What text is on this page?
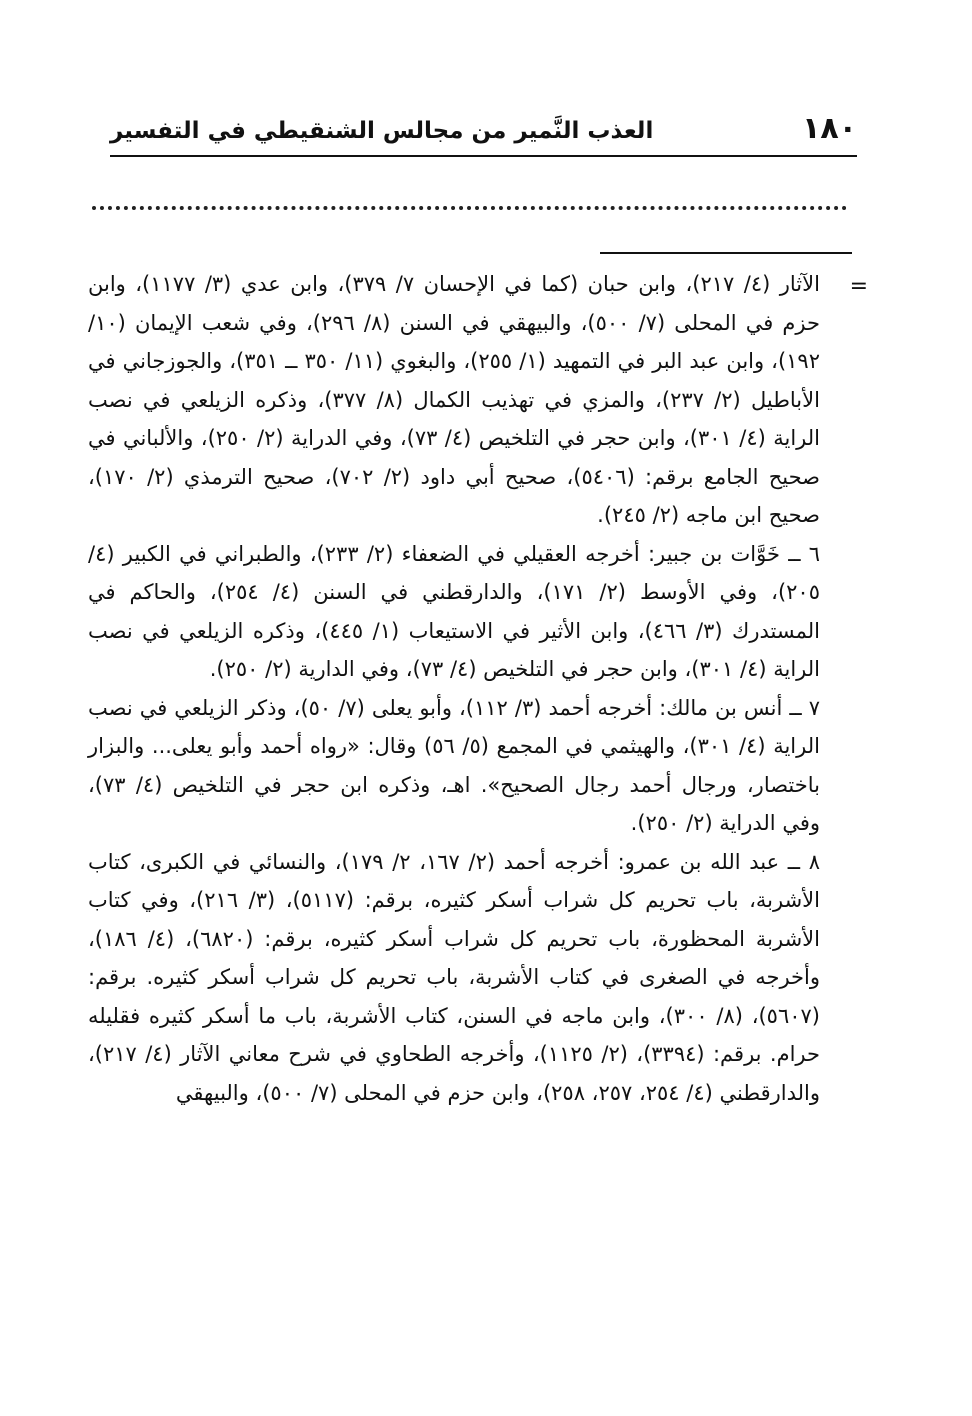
١٨٠
العذب النَّمير من مجالس الشنقيطي في التفسير
=

الآثار (٤/ ٢١٧)، وابن حبان (كما في الإحسان ٧/ ٣٧٩)، وابن عدي (٣/ ١١٧٧)، وابن حزم في المحلى (٧/ ٥٠٠)، والبيهقي في السنن (٨/ ٢٩٦)، وفي شعب الإيمان (١٠/ ١٩٢)، وابن عبد البر في التمهيد (١/ ٢٥٥)، والبغوي (١١/ ٣٥٠ ــ ٣٥١)، والجوزجاني في الأباطيل (٢/ ٢٣٧)، والمزي في تهذيب الكمال (٨/ ٣٧٧)، وذكره الزيلعي في نصب الراية (٤/ ٣٠١)، وابن حجر في التلخيص (٤/ ٧٣)، وفي الدراية (٢/ ٢٥٠)، والألباني في صحيح الجامع برقم: (٥٤٠٦)، صحيح أبي داود (٢/ ٧٠٢)، صحيح الترمذي (٢/ ١٧٠)، صحيح ابن ماجه (٢/ ٢٤٥).

٦ ــ خَوَّات بن جبير: أخرجه العقيلي في الضعفاء (٢/ ٢٣٣)، والطبراني في الكبير (٤/ ٢٠٥)، وفي الأوسط (٢/ ١٧١)، والدارقطني في السنن (٤/ ٢٥٤)، والحاكم في المستدرك (٣/ ٤٦٦)، وابن الأثير في الاستيعاب (١/ ٤٤٥)، وذكره الزيلعي في نصب الراية (٤/ ٣٠١)، وابن حجر في التلخيص (٤/ ٧٣)، وفي الدارية (٢/ ٢٥٠).

٧ ــ أنس بن مالك: أخرجه أحمد (٣/ ١١٢)، وأبو يعلى (٧/ ٥٠)، وذكر الزيلعي في نصب الراية (٤/ ٣٠١)، والهيثمي في المجمع (٥/ ٥٦) وقال: «رواه أحمد وأبو يعلى... والبزار باختصار، ورجال أحمد رجال الصحيح». اهـ، وذكره ابن حجر في التلخيص (٤/ ٧٣)، وفي الدراية (٢/ ٢٥٠).

٨ ــ عبد الله بن عمرو: أخرجه أحمد (٢/ ١٦٧، ٢/ ١٧٩)، والنسائي في الكبرى، كتاب الأشربة، باب تحريم كل شراب أسكر كثيره، برقم: (٥١١٧)، (٣/ ٢١٦)، وفي كتاب الأشربة المحظورة، باب تحريم كل شراب أسكر كثيره، برقم: (٦٨٢٠)، (٤/ ١٨٦)، وأخرجه في الصغرى في كتاب الأشربة، باب تحريم كل شراب أسكر كثيره. برقم: (٥٦٠٧)، (٨/ ٣٠٠)، وابن ماجه في السنن، كتاب الأشربة، باب ما أسكر كثيره فقليله حرام. برقم: (٣٣٩٤)، (٢/ ١١٢٥)، وأخرجه الطحاوي في شرح معاني الآثار (٤/ ٢١٧)، والدارقطني (٤/ ٢٥٤، ٢٥٧، ٢٥٨)، وابن حزم في المحلى (٧/ ٥٠٠)، والبيهقي
